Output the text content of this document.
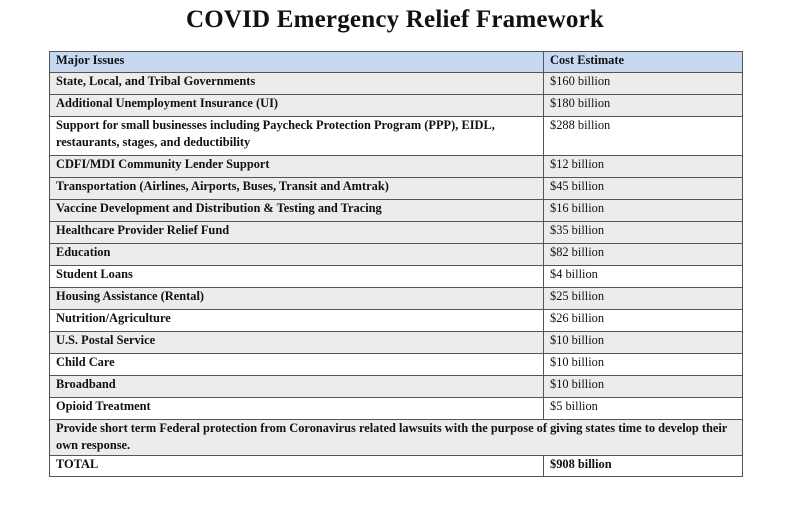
COVID Emergency Relief Framework
Major Issues	Cost Estimate
State, Local, and Tribal Governments	$160 billion
Additional Unemployment Insurance (UI)	$180 billion
Support for small businesses including Paycheck Protection Program (PPP), EIDL, restaurants, stages, and deductibility	$288 billion
CDFI/MDI Community Lender Support	$12 billion
Transportation (Airlines, Airports, Buses, Transit and Amtrak)	$45 billion
Vaccine Development and Distribution & Testing and Tracing	$16 billion
Healthcare Provider Relief Fund	$35 billion
Education	$82 billion
Student Loans	$4 billion
Housing Assistance (Rental)	$25 billion
Nutrition/Agriculture	$26 billion
U.S. Postal Service	$10 billion
Child Care	$10 billion
Broadband	$10 billion
Opioid Treatment	$5 billion
Provide short term Federal protection from Coronavirus related lawsuits with the purpose of giving states time to develop their own response.	
TOTAL	$908 billion
